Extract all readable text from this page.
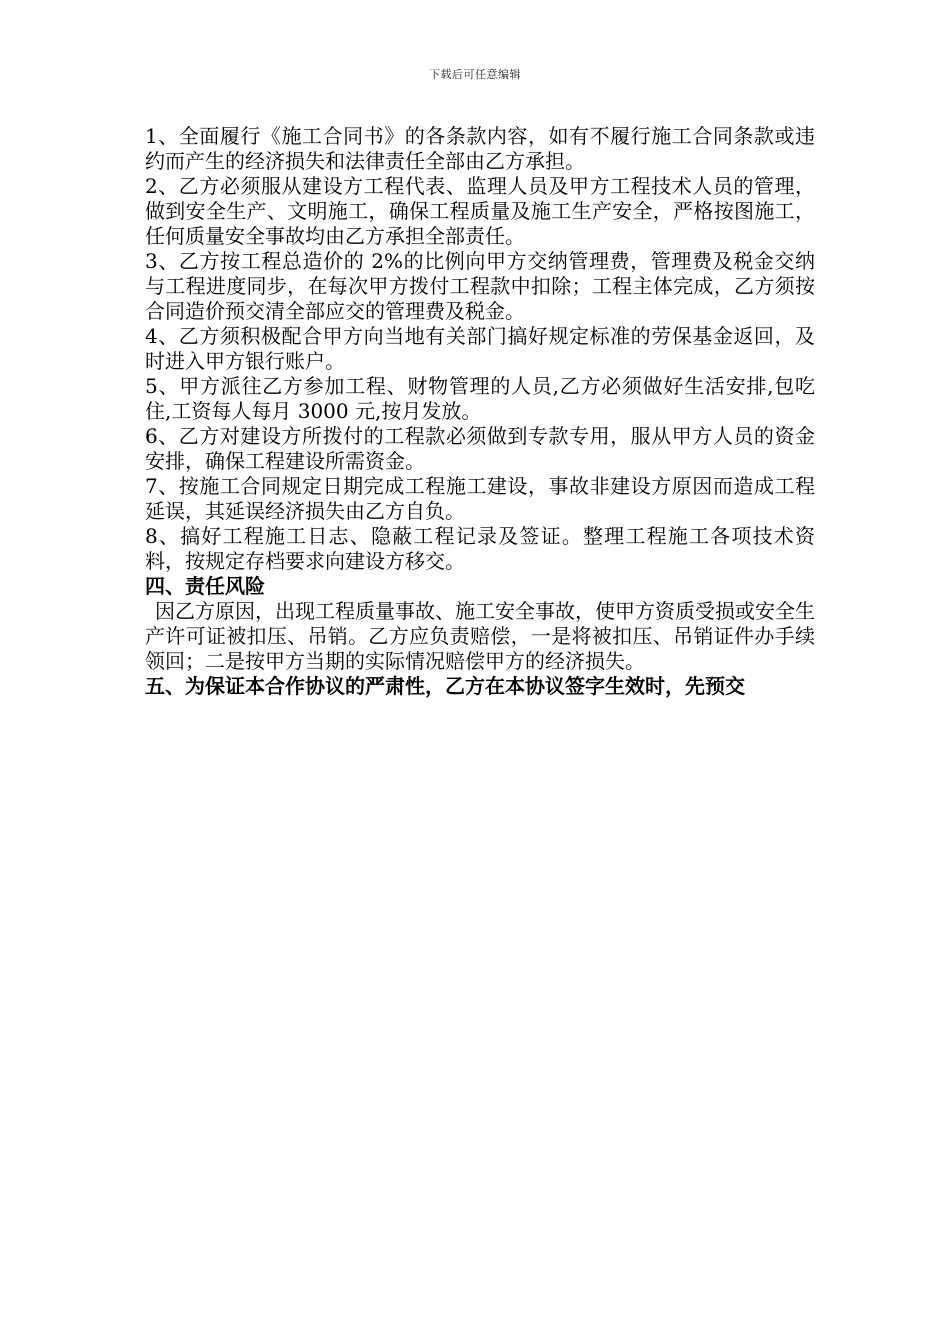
下载后可任意编辑

1、全面履行《施工合同书》的各条款内容，如有不履行施工合同条款或违约而产生的经济损失和法律责任全部由乙方承担。

2、乙方必须服从建设方工程代表、监理人员及甲方工程技术人员的管理，做到安全生产、文明施工，确保工程质量及施工生产安全，严格按图施工，任何质量安全事故均由乙方承担全部责任。

3、乙方按工程总造价的 2%的比例向甲方交纳管理费，管理费及税金交纳与工程进度同步，在每次甲方拨付工程款中扣除；工程主体完成，乙方须按合同造价预交清全部应交的管理费及税金。

4、乙方须积极配合甲方向当地有关部门搞好规定标准的劳保基金返回，及时进入甲方银行账户。

5、甲方派往乙方参加工程、财物管理的人员,乙方必须做好生活安排,包吃住,工资每人每月 3000 元,按月发放。

6、乙方对建设方所拨付的工程款必须做到专款专用，服从甲方人员的资金安排，确保工程建设所需资金。

7、按施工合同规定日期完成工程施工建设，事故非建设方原因而造成工程延误，其延误经济损失由乙方自负。

8、搞好工程施工日志、隐蔽工程记录及签证。整理工程施工各项技术资料，按规定存档要求向建设方移交。

四、责任风险

因乙方原因，出现工程质量事故、施工安全事故，使甲方资质受损或安全生产许可证被扣压、吊销。乙方应负责赔偿，一是将被扣压、吊销证件办手续领回；二是按甲方当期的实际情况赔偿甲方的经济损失。

五、为保证本合作协议的严肃性，乙方在本协议签字生效时，先预交
